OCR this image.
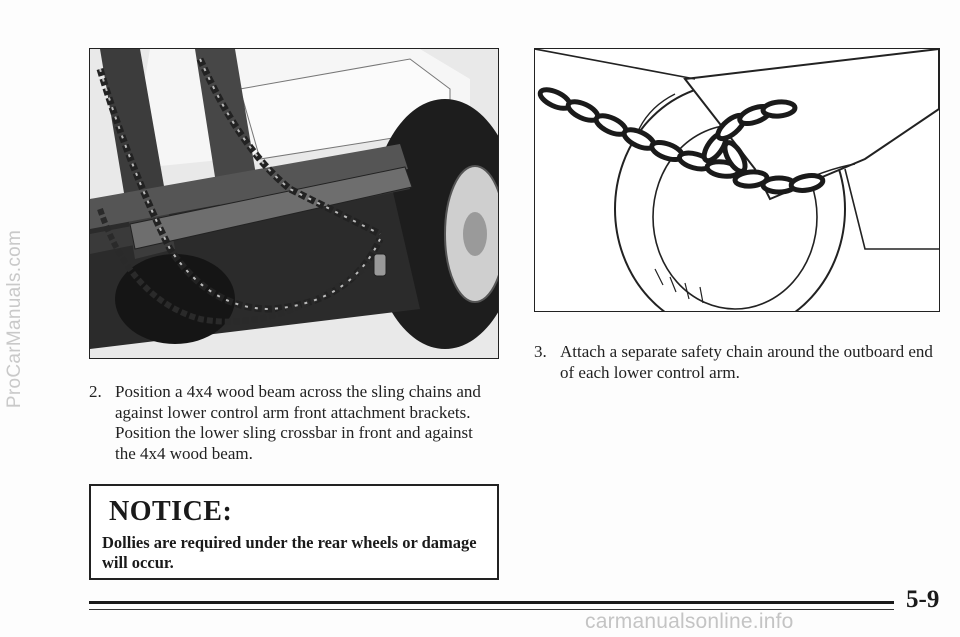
ProCarManuals.com	2. Position a 4x4 wood beam across the sling chains and against lower control arm front attachment brackets. Position the lower sling crossbar in front and against the 4x4 wood beam.
3. Attach a separate safety chain around the outboard end of each lower control arm.
NOTICE:
Dollies are required under the rear wheels or damage will occur.
5-9
carmanualsonline.info
